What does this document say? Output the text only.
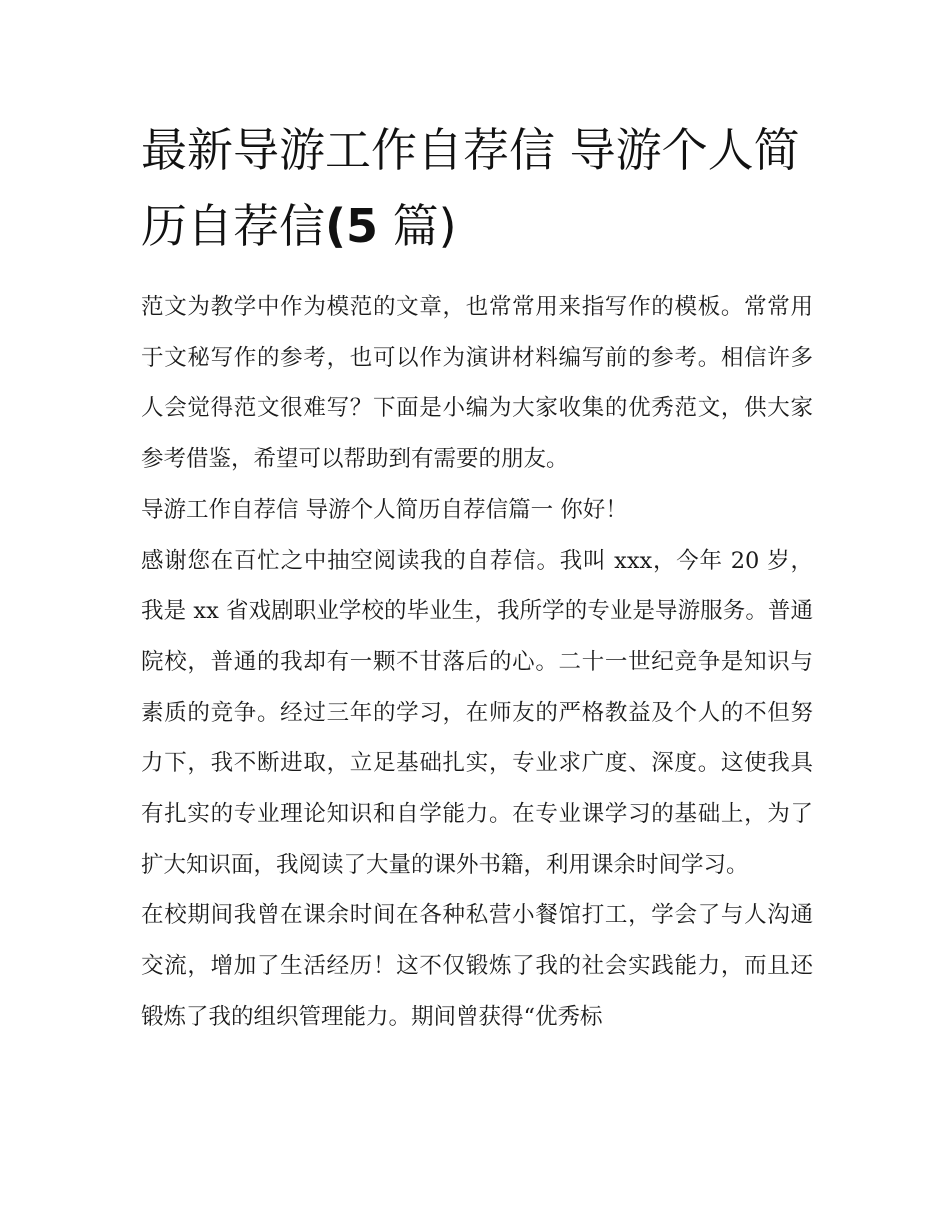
最新导游工作自荐信 导游个人简历自荐信(5 篇)

范文为教学中作为模范的文章，也常常用来指写作的模板。常常用于文秘写作的参考，也可以作为演讲材料编写前的参考。相信许多人会觉得范文很难写？下面是小编为大家收集的优秀范文，供大家参考借鉴，希望可以帮助到有需要的朋友。

导游工作自荐信 导游个人简历自荐信篇一 你好！

感谢您在百忙之中抽空阅读我的自荐信。我叫 xxx，今年 20 岁，我是 xx 省戏剧职业学校的毕业生，我所学的专业是导游服务。普通院校，普通的我却有一颗不甘落后的心。二十一世纪竞争是知识与素质的竞争。经过三年的学习，在师友的严格教益及个人的不但努力下，我不断进取，立足基础扎实，专业求广度、深度。这使我具有扎实的专业理论知识和自学能力。在专业课学习的基础上，为了扩大知识面，我阅读了大量的课外书籍，利用课余时间学习。

在校期间我曾在课余时间在各种私营小餐馆打工，学会了与人沟通交流，增加了生活经历！这不仅锻炼了我的社会实践能力，而且还锻炼了我的组织管理能力。期间曾获得“优秀标
